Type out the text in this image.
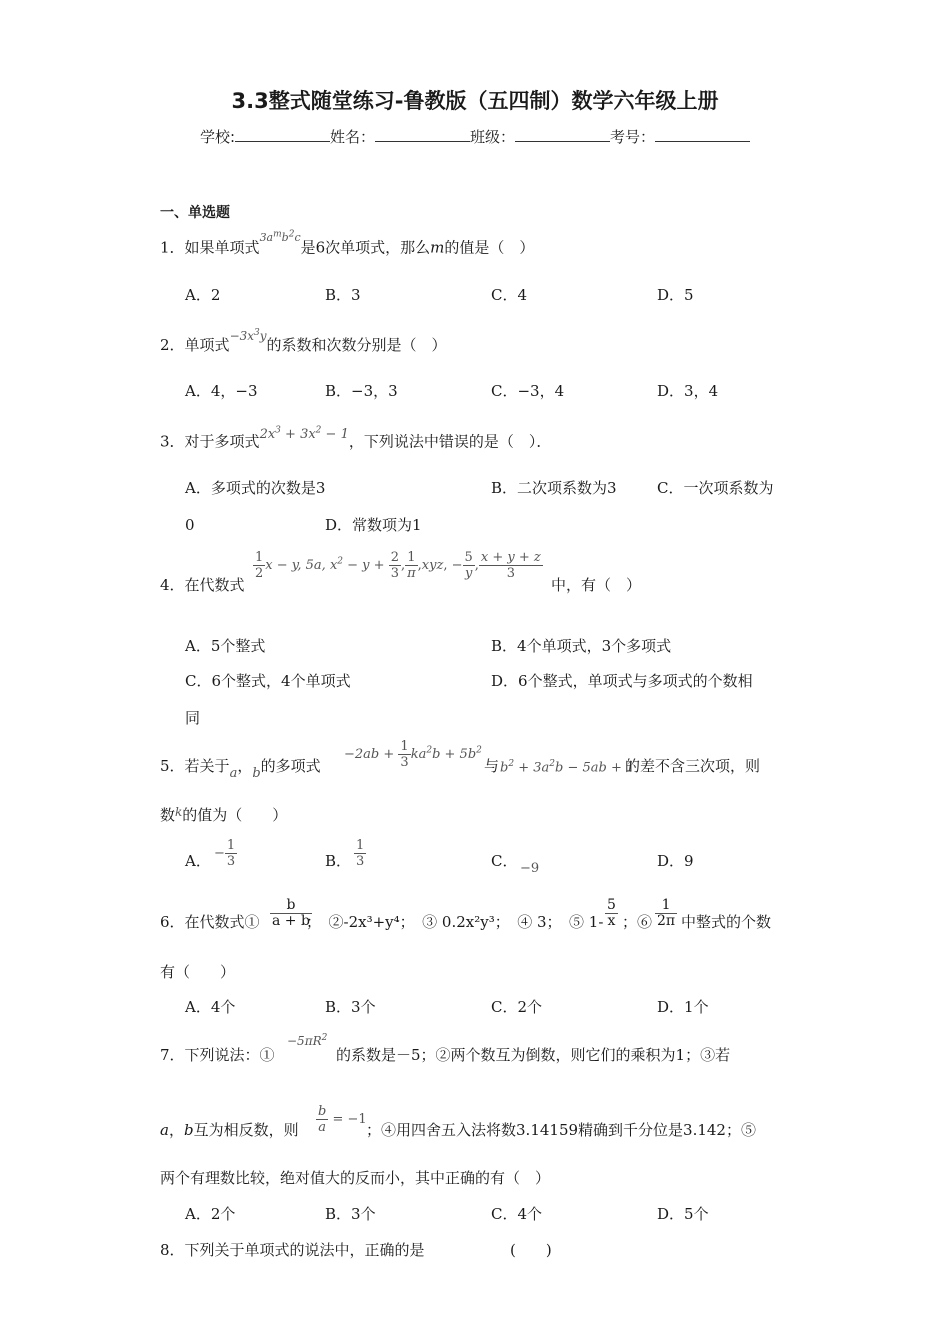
3.3整式随堂练习-鲁教版（五四制）数学六年级上册
学校:	姓名：	班级：	考号：
一、单选题
1．如果单项式$^{3a^mb^2c}$是6次单项式，那么m的值是（　）
A．2	B．3	C．4	D．5
2．单项式$^{-3x^3y}$的系数和次数分别是（　）
A．4，−3	B．−3，3	C．−3，4	D．3，4
3．对于多项式$2x^3 + 3x^2 - 1$，下列说法中错误的是（　）．
A．多项式的次数是3	B．二次项系数为3	C．一次项系数为
0	D．常数项为1
4．在代数式
$\frac{1}{2}$ x − y, 5a, $x^2 - y + \frac{2}{3}$ , $\frac{1}{\pi} ,xyz$, − $\frac{5}{y}$ , $\frac{x + y + z}{3}$
中，有（　）
A．5个整式	B．4个单项式，3个多项式
C．6个整式，4个单项式	D．6个整式，单项式与多项式的个数相
同
5．若关于a，b的多项式
$-2ab + \frac{1}{3} ka^2b + 5b^2$
与 $b^2 + 3a^2b - 5ab + 1$
的差不含三次项，则
数$^k$的值为（　　）
A． − $\frac{1}{3}$	B． $\frac{1}{3}$	C． −9	D．9
6．在代数式① $\frac{b}{a + b}$
；　②-2x³+y⁴；　③ 0.2x²y³；　④ 3；　⑤ $1- \frac{5}{x}$ ；⑥ $\frac{1}{2\pi}$ 中整式的个数
有（　　）
A．4个	B．3个	C．2个	D．1个
7．下列说法：①
$-5\pi R^2$
的系数是－5；②两个数互为倒数，则它们的乘积为1；③若
a，b互为相反数，则 $\frac{b}{a} = -1$
；④用四舍五入法将数3.14159精确到千分位是3.142；⑤
两个有理数比较，绝对值大的反而小，其中正确的有（　）
A．2个	B．3个	C．4个	D．5个
8．下列关于单项式的说法中，正确的是	(　　)
